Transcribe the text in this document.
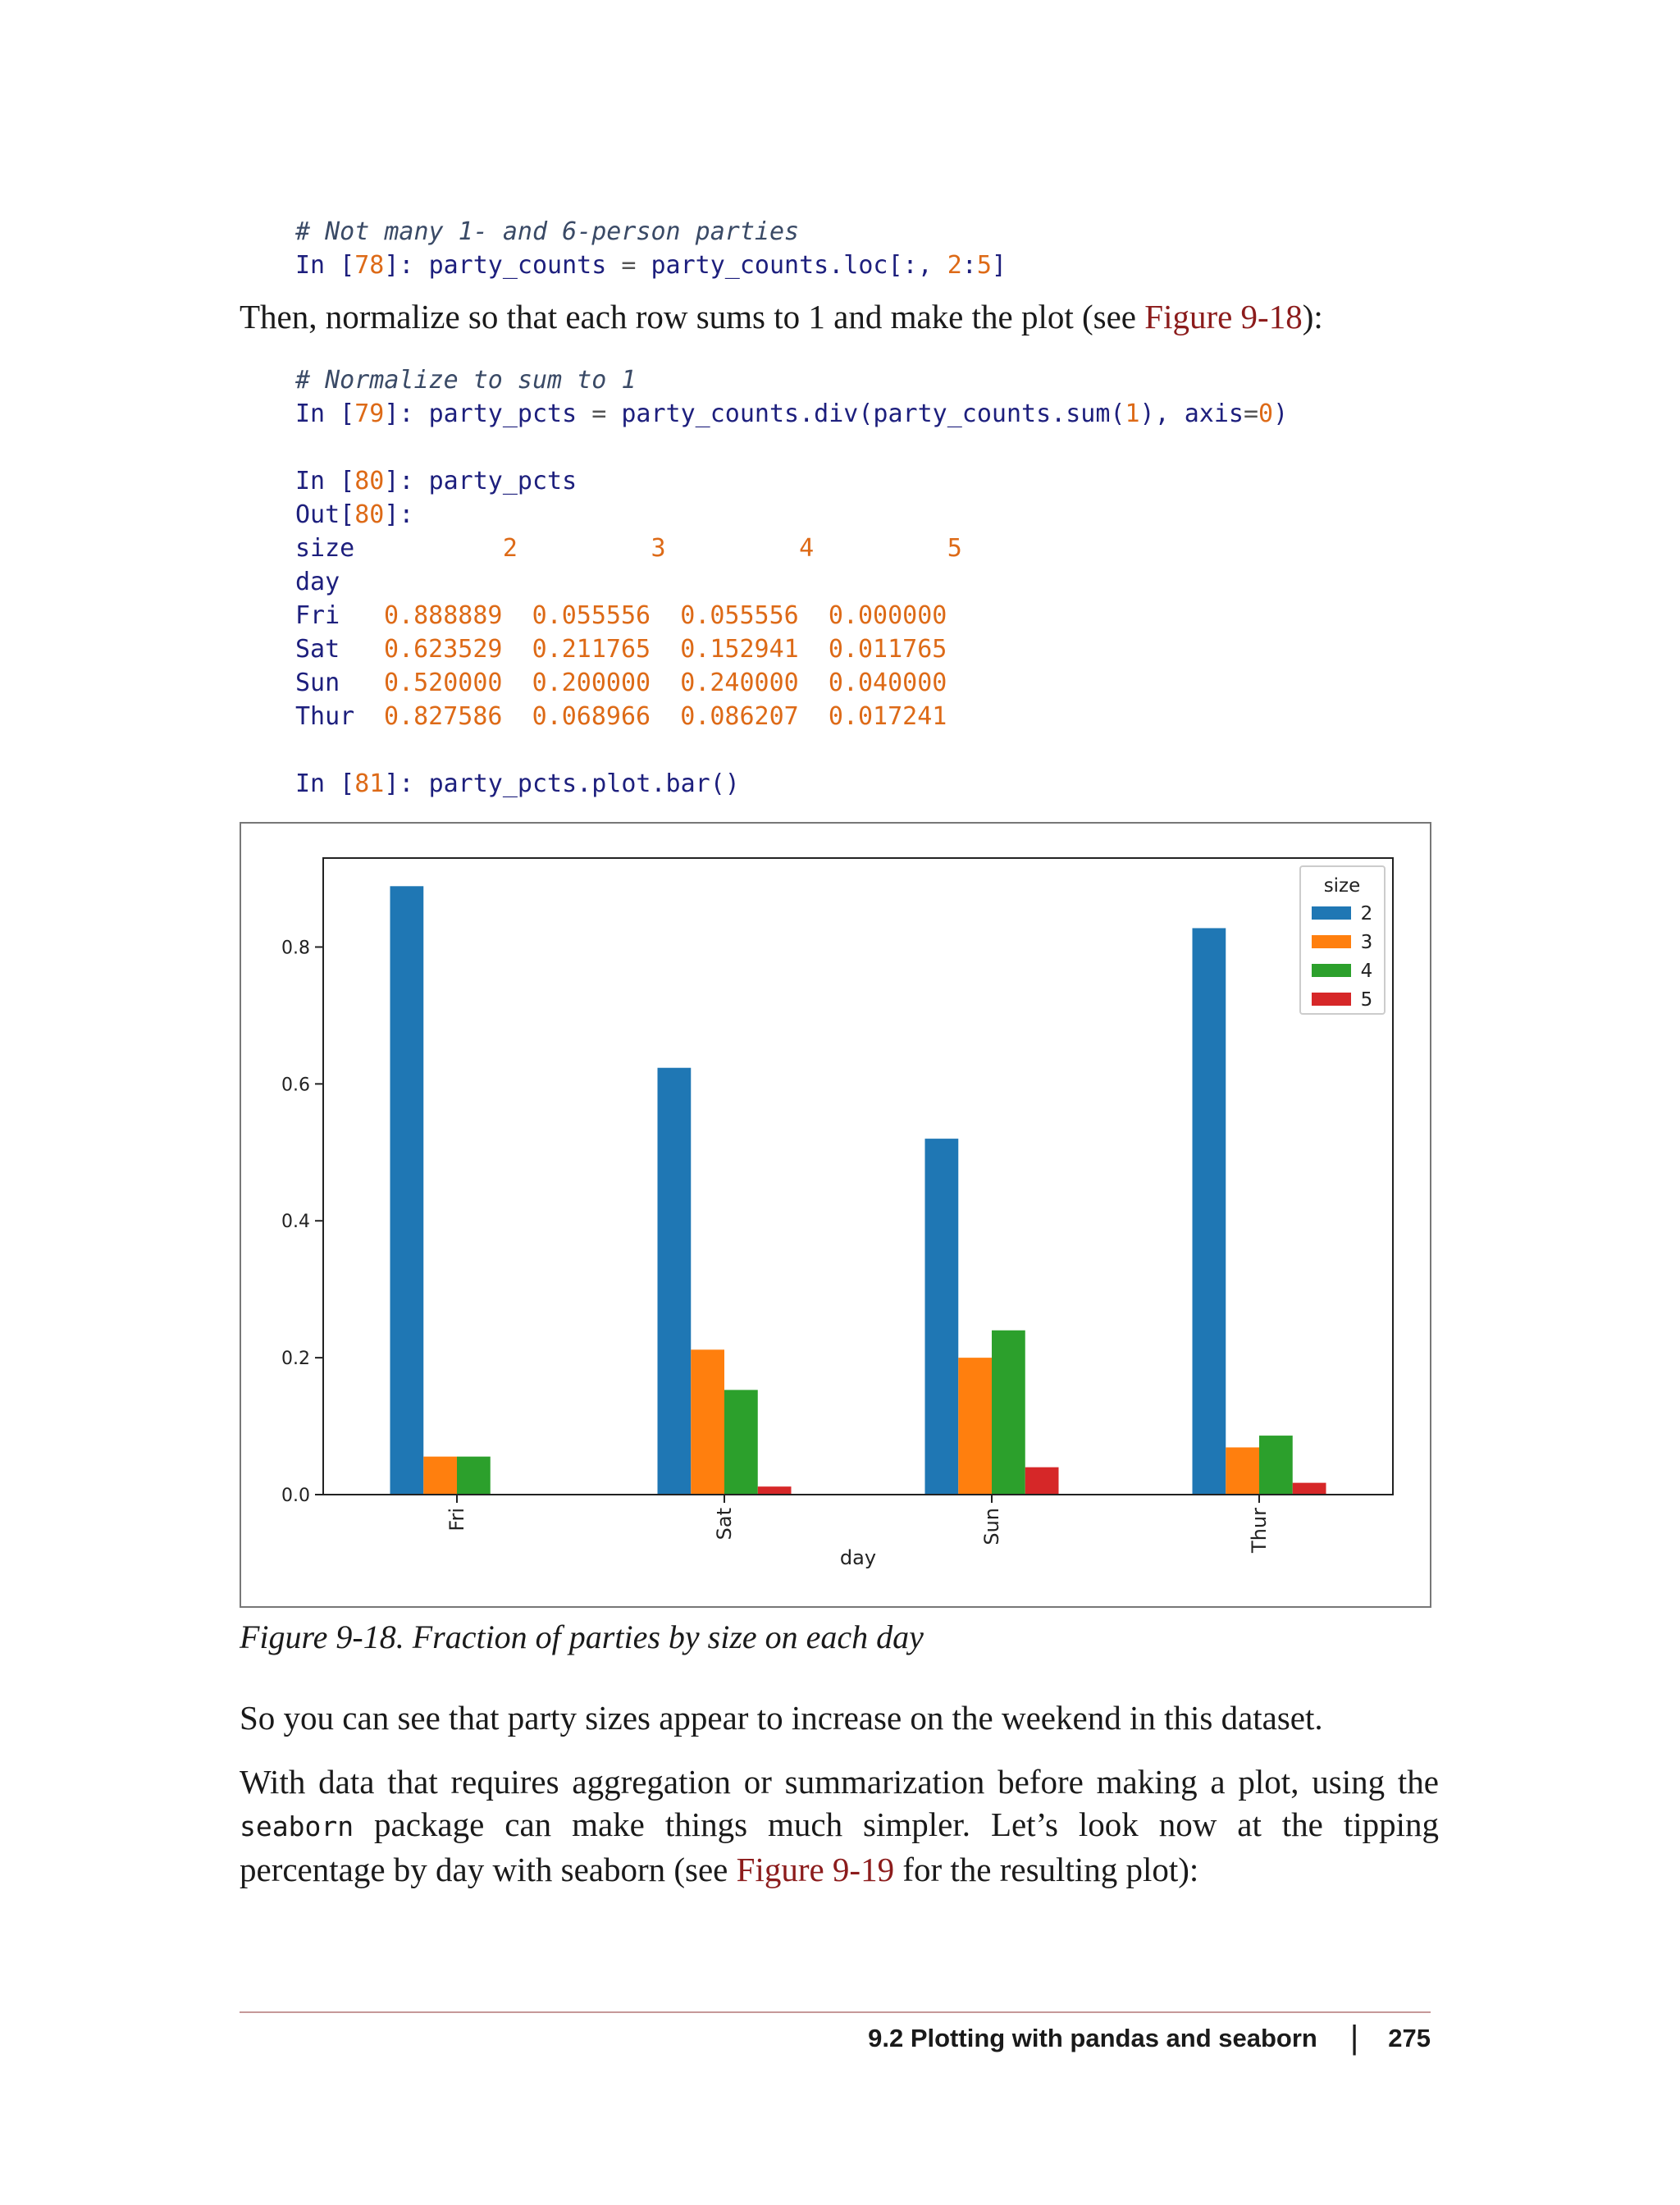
# Not many 1- and 6-person parties
In [78]: party_counts = party_counts.loc[:, 2:5]

Then, normalize so that each row sums to 1 and make the plot (see Figure 9-18):

# Normalize to sum to 1
In [79]: party_pcts = party_counts.div(party_counts.sum(1), axis=0)
In [80]: party_pcts
Out[80]:
size	2	3	4	5
day
Fri 0.888889 0.055556 0.055556 0.000000
Sat 0.623529 0.211765 0.152941 0.011765
Sun 0.520000 0.200000 0.240000 0.040000
Thur 0.827586 0.068966 0.086207 0.017241
In [81]: party_pcts.plot.bar()
0.0
0.2
0.4
0.6
0.8
Fri	Sat	Sun	Thur
day
size
2
3
4
5

Figure 9-18. Fraction of parties by size on each day

So you can see that party sizes appear to increase on the weekend in this dataset.

With data that requires aggregation or summarization before making a plot, using the seaborn package can make things much simpler. Let’s look now at the tipping percentage by day with seaborn (see Figure 9-19 for the resulting plot):

9.2 Plotting with pandas and seaborn | 275
